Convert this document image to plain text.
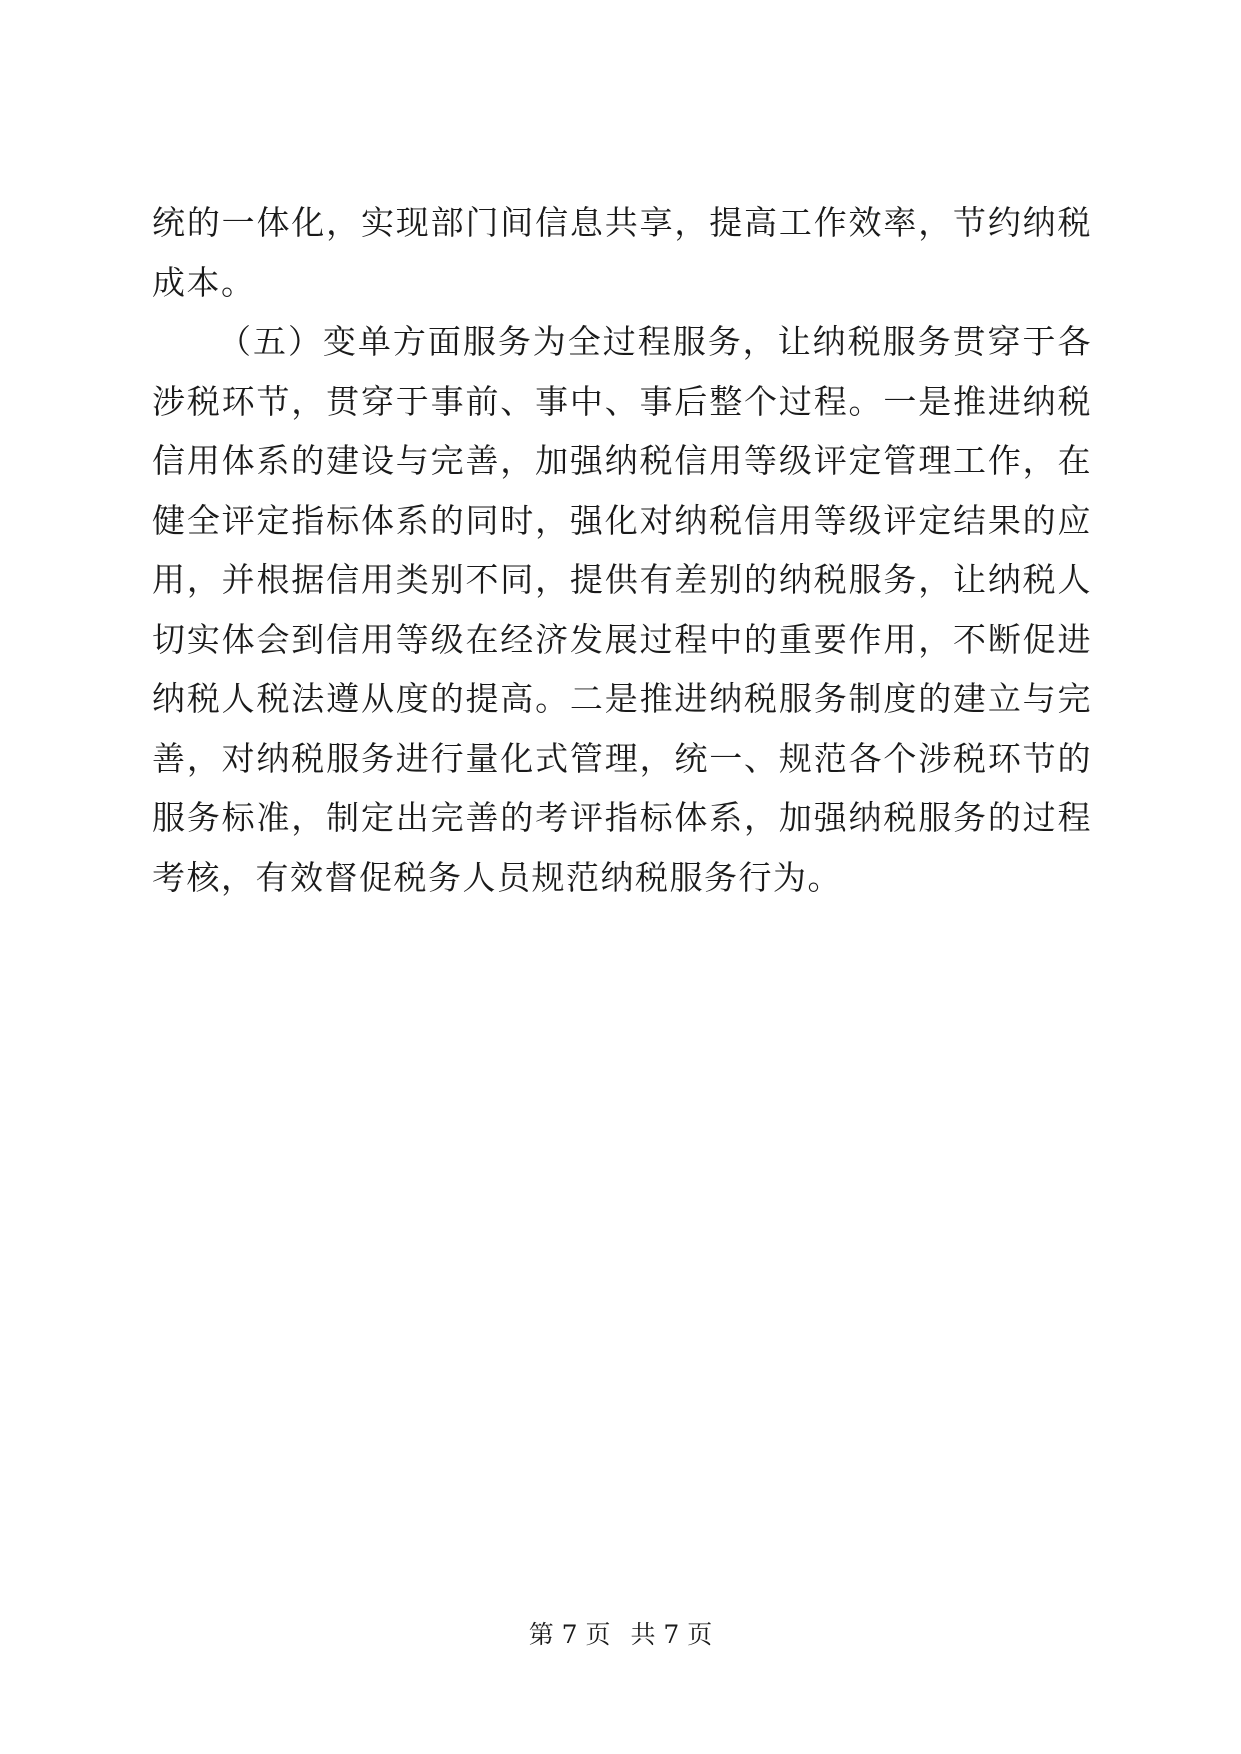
统的一体化，实现部门间信息共享，提高工作效率，节约纳税成本。

（五）变单方面服务为全过程服务，让纳税服务贯穿于各涉税环节，贯穿于事前、事中、事后整个过程。一是推进纳税信用体系的建设与完善，加强纳税信用等级评定管理工作，在健全评定指标体系的同时，强化对纳税信用等级评定结果的应用，并根据信用类别不同，提供有差别的纳税服务，让纳税人切实体会到信用等级在经济发展过程中的重要作用，不断促进纳税人税法遵从度的提高。二是推进纳税服务制度的建立与完善，对纳税服务进行量化式管理，统一、规范各个涉税环节的服务标准，制定出完善的考评指标体系，加强纳税服务的过程考核，有效督促税务人员规范纳税服务行为。

第 7 页 共 7 页
